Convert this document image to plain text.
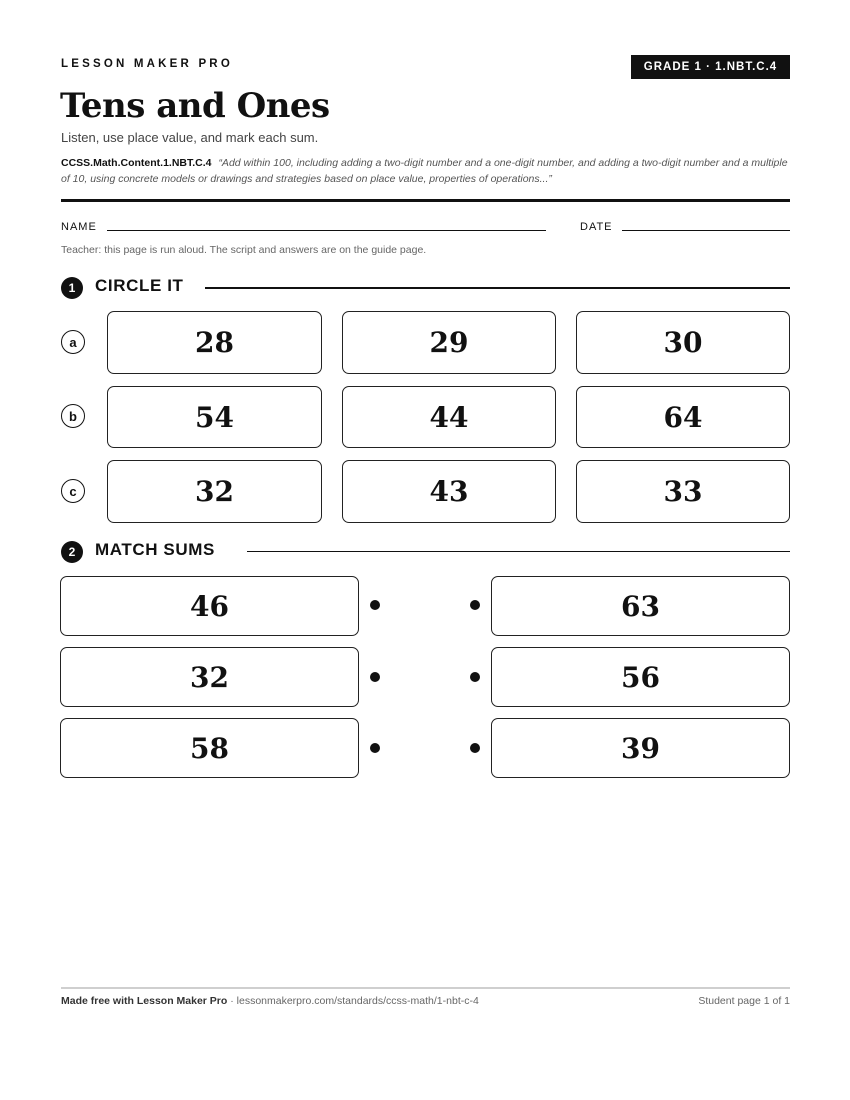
LESSON MAKER PRO	GRADE 1 · 1.NBT.C.4
Tens and Ones
Listen, use place value, and mark each sum.
CCSS.Math.Content.1.NBT.C.4 “Add within 100, including adding a two-digit number and a one-digit number, and adding a two-digit number and a multiple of 10, using concrete models or drawings and strategies based on place value, properties of operations...”
NAME	DATE
Teacher: this page is run aloud. The script and answers are on the guide page.
1	CIRCLE IT
a	28	29	30
b	54	44	64
c	32	43	33
2	MATCH SUMS
46	63
32	56
58	39
Made free with Lesson Maker Pro · lessonmakerpro.com/standards/ccss-math/1-nbt-c-4	Student page 1 of 1
